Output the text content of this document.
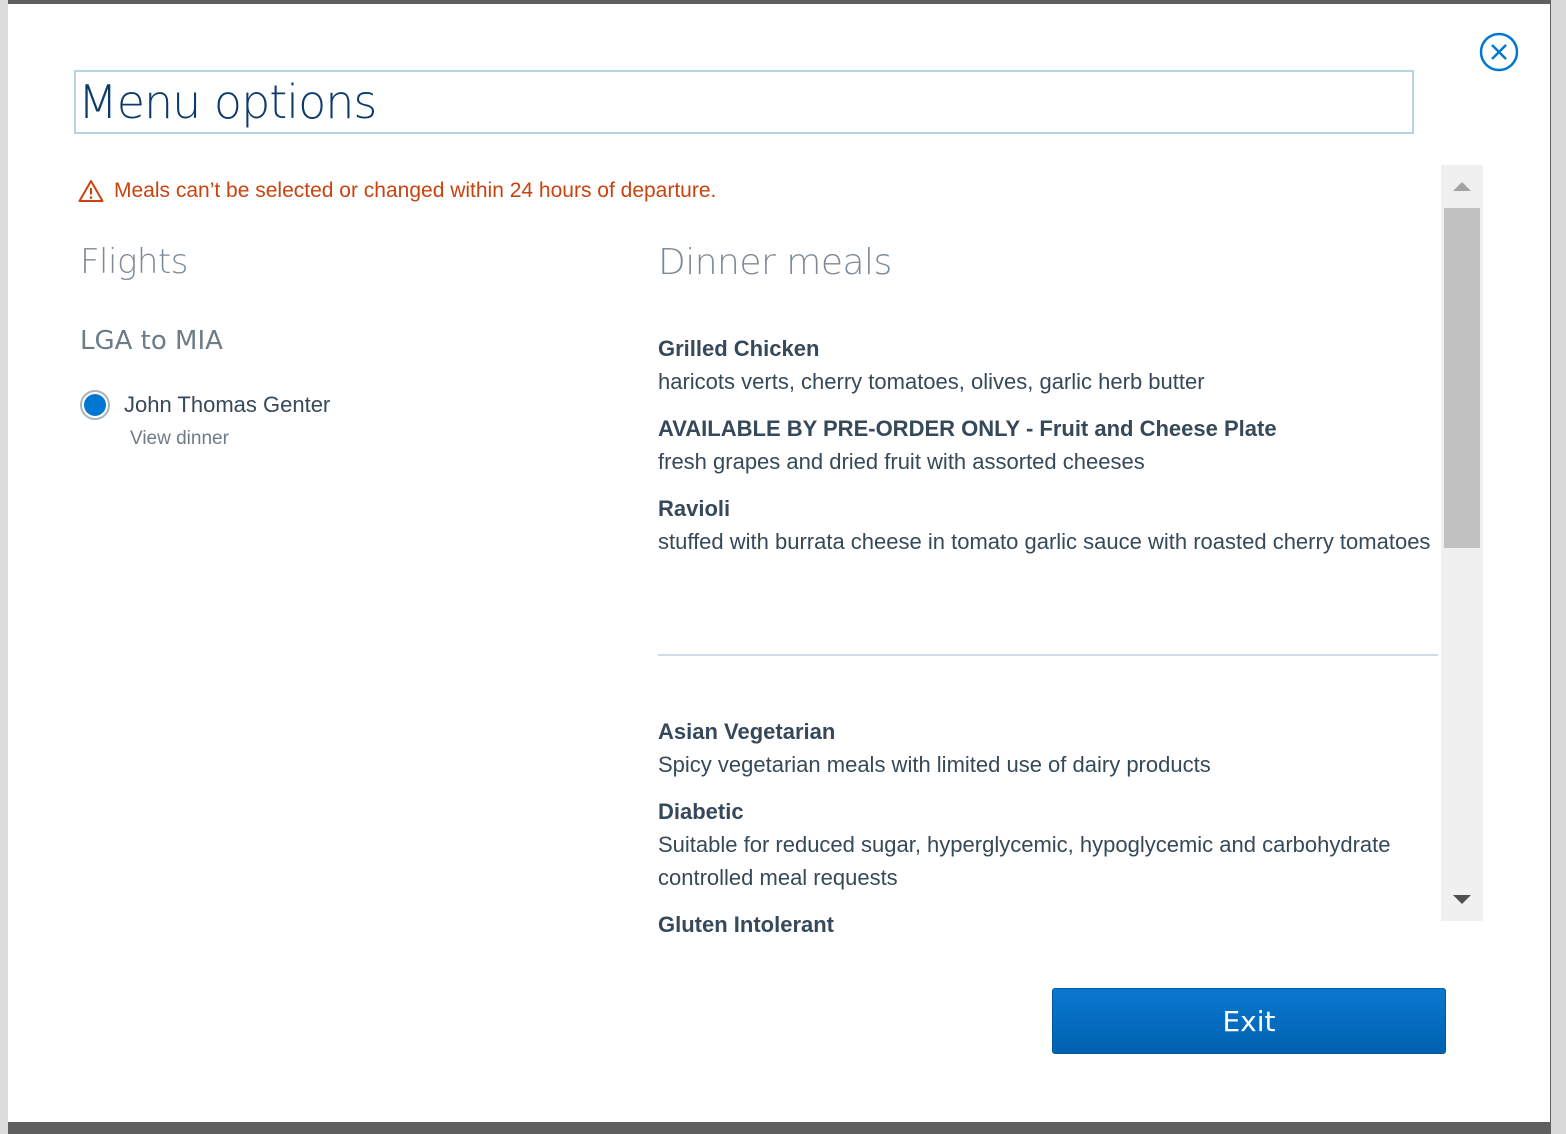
Menu options
Meals can’t be selected or changed within 24 hours of departure.
Flights
LGA to MIA
John Thomas Genter
View dinner
Dinner meals
Grilled Chicken
haricots verts, cherry tomatoes, olives, garlic herb butter
AVAILABLE BY PRE-ORDER ONLY - Fruit and Cheese Plate
fresh grapes and dried fruit with assorted cheeses
Ravioli
stuffed with burrata cheese in tomato garlic sauce with roasted cherry tomatoes
Asian Vegetarian
Spicy vegetarian meals with limited use of dairy products
Diabetic
Suitable for reduced sugar, hyperglycemic, hypoglycemic and carbohydrate controlled meal requests
Gluten Intolerant
Exit
